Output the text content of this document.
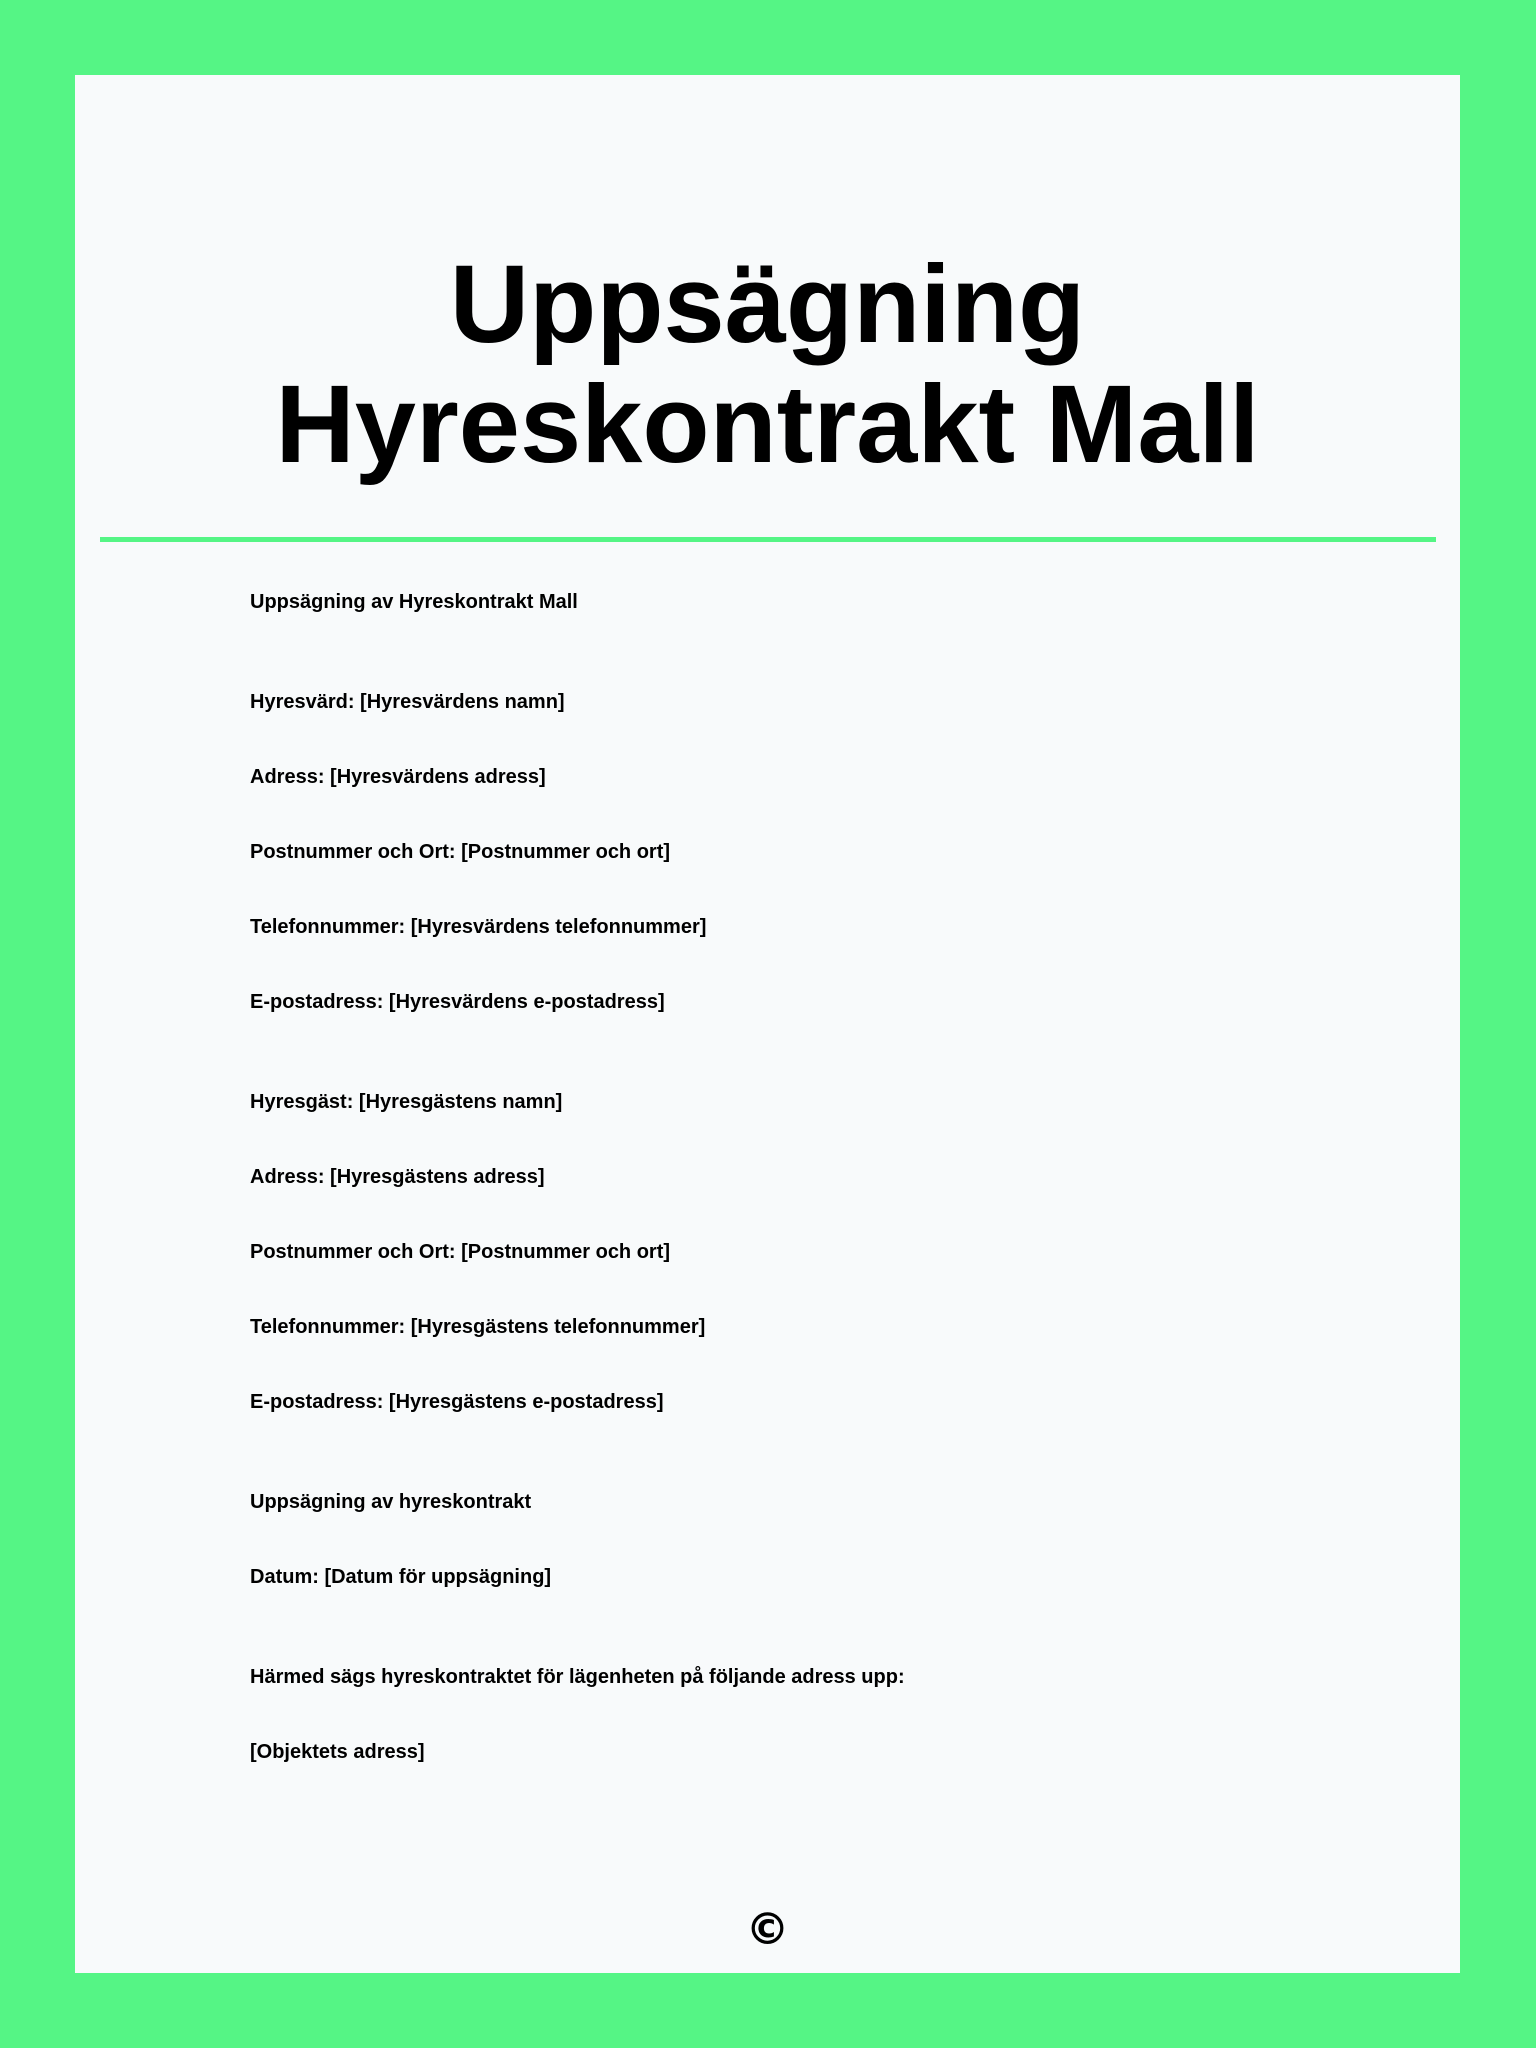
Uppsägning Hyreskontrakt Mall

Uppsägning av Hyreskontrakt Mall

Hyresvärd: [Hyresvärdens namn]

Adress: [Hyresvärdens adress]

Postnummer och Ort: [Postnummer och ort]

Telefonnummer: [Hyresvärdens telefonnummer]

E-postadress: [Hyresvärdens e-postadress]

Hyresgäst: [Hyresgästens namn]

Adress: [Hyresgästens adress]

Postnummer och Ort: [Postnummer och ort]

Telefonnummer: [Hyresgästens telefonnummer]

E-postadress: [Hyresgästens e-postadress]

Uppsägning av hyreskontrakt

Datum: [Datum för uppsägning]

Härmed sägs hyreskontraktet för lägenheten på följande adress upp:

[Objektets adress]

©
